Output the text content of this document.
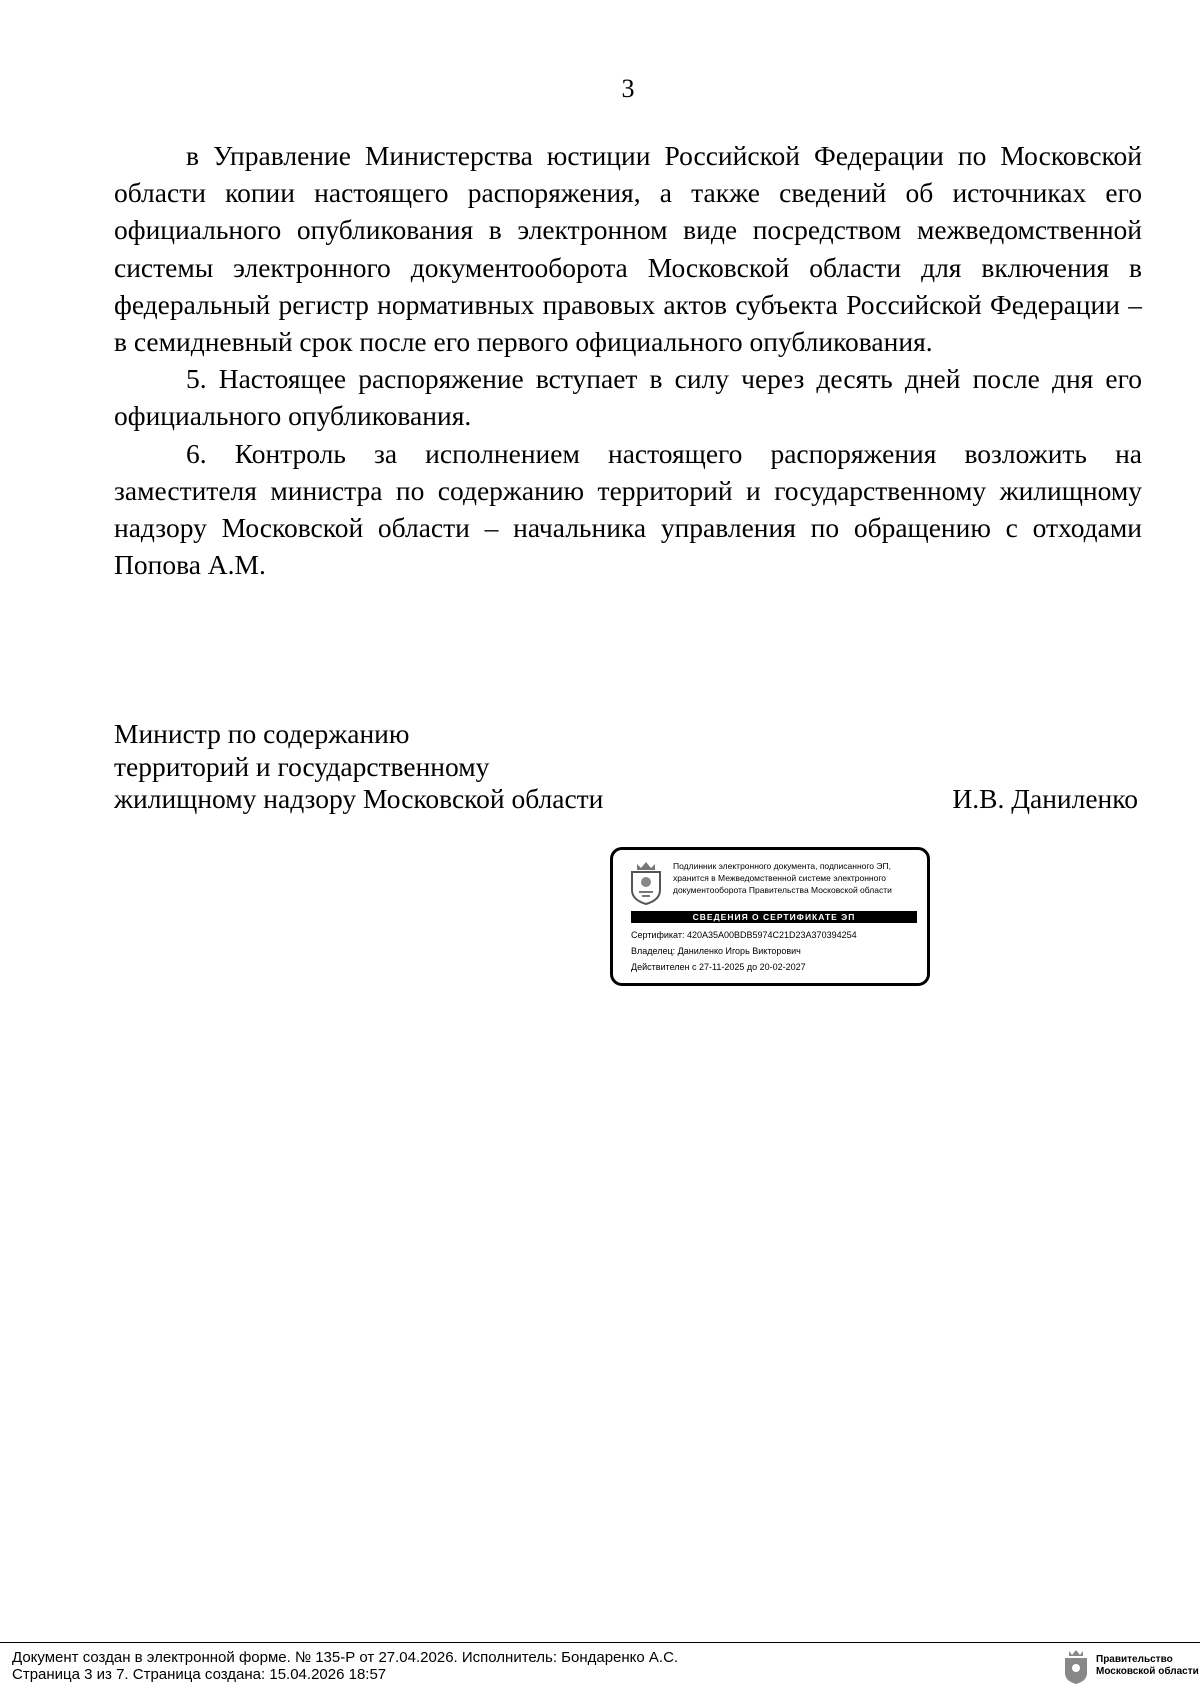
3

в Управление Министерства юстиции Российской Федерации по Московской области копии настоящего распоряжения, а также сведений об источниках его официального опубликования в электронном виде посредством межведомственной системы электронного документооборота Московской области для включения в федеральный регистр нормативных правовых актов субъекта Российской Федерации – в семидневный срок после его первого официального опубликования.

5. Настоящее распоряжение вступает в силу через десять дней после дня его официального опубликования.

6. Контроль за исполнением настоящего распоряжения возложить на заместителя министра по содержанию территорий и государственному жилищному надзору Московской области – начальника управления по обращению с отходами Попова А.М.

Министр по содержанию
территорий и государственному
жилищному надзору Московской области	И.В. Даниленко
Подлинник электронного документа, подписанного ЭП,
хранится в Межведомственной системе электронного
документооборота Правительства Московской области
СВЕДЕНИЯ О СЕРТИФИКАТЕ ЭП
Сертификат: 420A35A00BDB5974C21D23A370394254
Владелец: Даниленко Игорь Викторович
Действителен с 27-11-2025 до 20-02-2027
Документ создан в электронной форме. № 135-Р от 27.04.2026. Исполнитель: Бондаренко А.С.
Страница 3 из 7. Страница создана: 15.04.2026 18:57
Правительство
Московской области
